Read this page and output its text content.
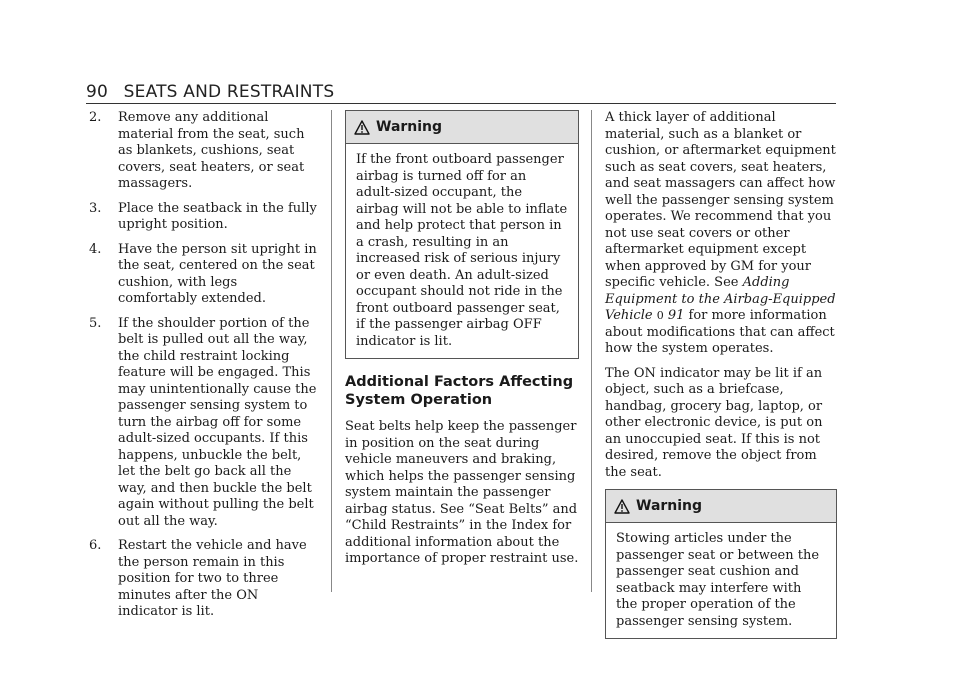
90 SEATS AND RESTRAINTS
2. Remove any additional material from the seat, such as blankets, cushions, seat covers, seat heaters, or seat massagers.
3. Place the seatback in the fully upright position.
4. Have the person sit upright in the seat, centered on the seat cushion, with legs comfortably extended.
5. If the shoulder portion of the belt is pulled out all the way, the child restraint locking feature will be engaged. This may unintentionally cause the passenger sensing system to turn the airbag off for some adult-sized occupants. If this happens, unbuckle the belt, let the belt go back all the way, and then buckle the belt again without pulling the belt out all the way.
6. Restart the vehicle and have the person remain in this position for two to three minutes after the ON indicator is lit.
Warning
If the front outboard passenger airbag is turned off for an adult-sized occupant, the airbag will not be able to inflate and help protect that person in a crash, resulting in an increased risk of serious injury or even death. An adult-sized occupant should not ride in the front outboard passenger seat, if the passenger airbag OFF indicator is lit.
Additional Factors Affecting System Operation

Seat belts help keep the passenger in position on the seat during vehicle maneuvers and braking, which helps the passenger sensing system maintain the passenger airbag status. See “Seat Belts” and “Child Restraints” in the Index for additional information about the importance of proper restraint use.

A thick layer of additional material, such as a blanket or cushion, or aftermarket equipment such as seat covers, seat heaters, and seat massagers can affect how well the passenger sensing system operates. We recommend that you not use seat covers or other aftermarket equipment except when approved by GM for your specific vehicle. See Adding Equipment to the Airbag-Equipped Vehicle 0 91 for more information about modifications that can affect how the system operates.

The ON indicator may be lit if an object, such as a briefcase, handbag, grocery bag, laptop, or other electronic device, is put on an unoccupied seat. If this is not desired, remove the object from the seat.

Warning
Stowing articles under the passenger seat or between the passenger seat cushion and seatback may interfere with the proper operation of the passenger sensing system.
